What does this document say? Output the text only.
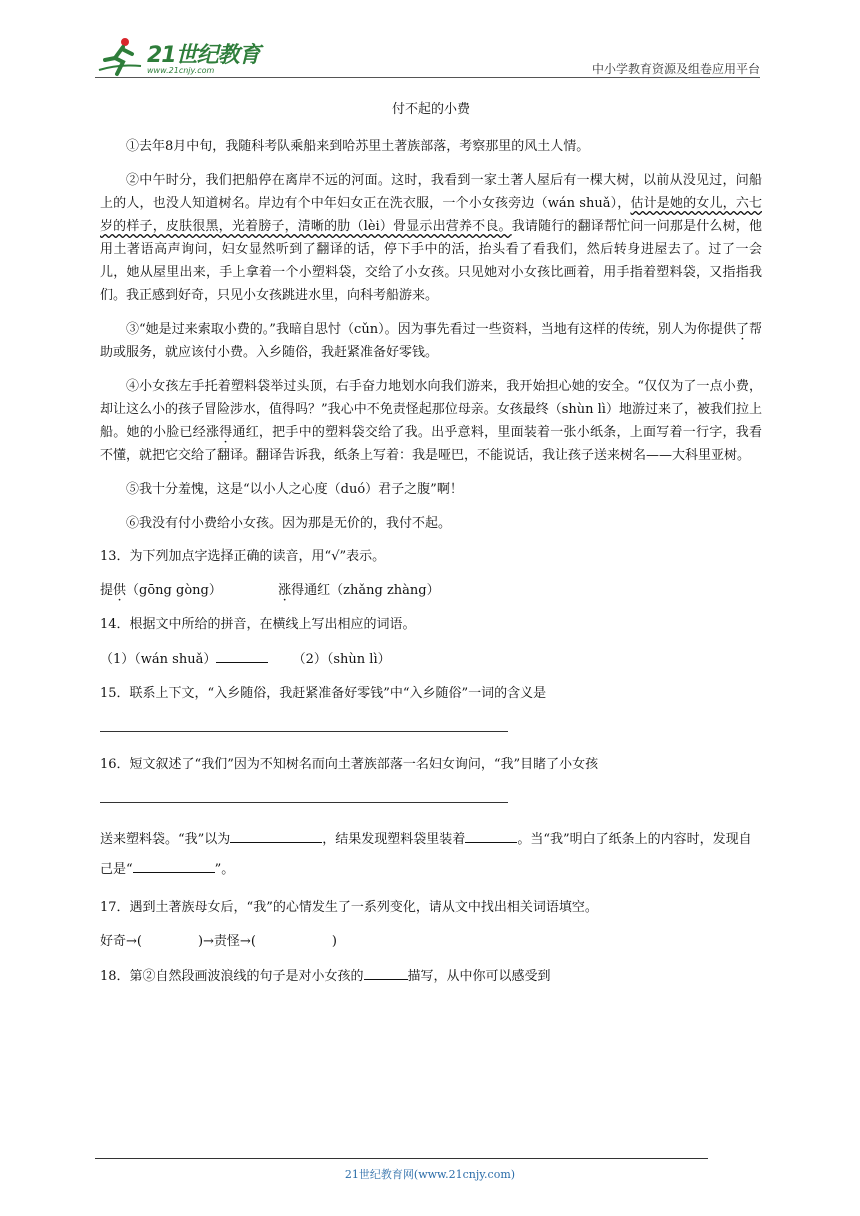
21世纪教育
www.21cnjy.com	中小学教育资源及组卷应用平台
付不起的小费

①去年8月中旬，我随科考队乘船来到哈苏里土著族部落，考察那里的风土人情。

②中午时分，我们把船停在离岸不远的河面。这时，我看到一家土著人屋后有一棵大树，以前从没见过，问船上的人，也没人知道树名。岸边有个中年妇女正在洗衣服，一个小女孩旁边（wán shuǎ），估计是她的女儿，六七岁的样子，皮肤很黑，光着膀子，清晰的肋（lèi）骨显示出营养不良。我请随行的翻译帮忙问一问那是什么树，他用土著语高声询问，妇女显然听到了翻译的话，停下手中的活，抬头看了看我们，然后转身进屋去了。过了一会儿，她从屋里出来，手上拿着一个小塑料袋，交给了小女孩。只见她对小女孩比画着，用手指着塑料袋，又指指我们。我正感到好奇，只见小女孩跳进水里，向科考船游来。

③“她是过来索取小费的。”我暗自思忖（cǔn）。因为事先看过一些资料，当地有这样的传统，别人为你提供了帮助或服务，就应该付小费。入乡随俗，我赶紧准备好零钱。

④小女孩左手托着塑料袋举过头顶，右手奋力地划水向我们游来，我开始担心她的安全。“仅仅为了一点小费，却让这么小的孩子冒险涉水，值得吗？”我心中不免责怪起那位母亲。女孩最终（shùn lì）地游过来了，被我们拉上船。她的小脸已经涨得通红，把手中的塑料袋交给了我。出乎意料，里面装着一张小纸条，上面写着一行字，我看不懂，就把它交给了翻译。翻译告诉我，纸条上写着：我是哑巴，不能说话，我让孩子送来树名——大科里亚树。

⑤我十分羞愧，这是“以小人之心度（duó）君子之腹”啊！

⑥我没有付小费给小女孩。因为那是无价的，我付不起。

13．为下列加点字选择正确的读音，用“√”表示。
提供（gōng gòng）	涨得通红（zhǎng zhàng）
14．根据文中所给的拼音，在横线上写出相应的词语。
（1）（wán shuǎ）	（2）（shùn lì）
15．联系上下文，“入乡随俗，我赶紧准备好零钱”中“入乡随俗”一词的含义是
16．短文叙述了“我们”因为不知树名而向土著族部落一名妇女询问，“我”目睹了小女孩
送来塑料袋。“我”以为	，结果发现塑料袋里装着	。当“我”明白了纸条上的内容时，发现自己是“	”。
17．遇到土著族母女后，“我”的心情发生了一系列变化，请从文中找出相关词语填空。
好奇→(	)→责怪→(	)
18．第②自然段画波浪线的句子是对小女孩的	描写，从中你可以感受到
21世纪教育网(www.21cnjy.com)
